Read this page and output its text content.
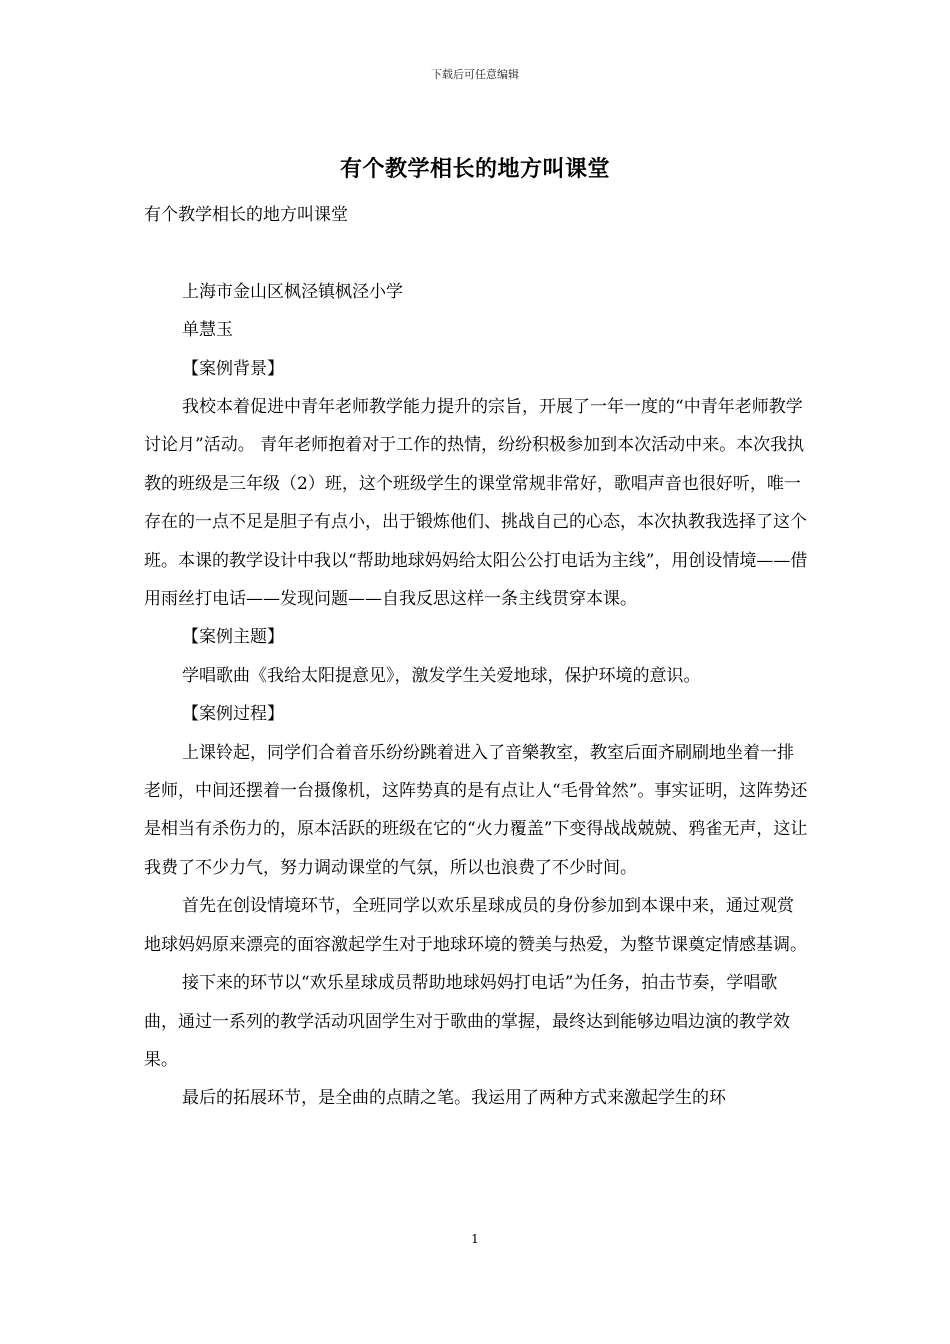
下载后可任意编辑
有个教学相长的地方叫课堂

有个教学相长的地方叫课堂

上海市金山区枫泾镇枫泾小学

单慧玉

【案例背景】

我校本着促进中青年老师教学能力提升的宗旨，开展了一年一度的“中青年老师教学讨论月”活动。 青年老师抱着对于工作的热情，纷纷积极参加到本次活动中来。本次我执教的班级是三年级（2）班，这个班级学生的课堂常规非常好，歌唱声音也很好听，唯一存在的一点不足是胆子有点小，出于锻炼他们、挑战自己的心态，本次执教我选择了这个班。本课的教学设计中我以“帮助地球妈妈给太阳公公打电话为主线”，用创设情境——借用雨丝打电话——发现问题——自我反思这样一条主线贯穿本课。

【案例主题】

学唱歌曲《我给太阳提意见》，激发学生关爱地球，保护环境的意识。

【案例过程】

上课铃起，同学们合着音乐纷纷跳着进入了音樂教室，教室后面齐刷刷地坐着一排老师，中间还摆着一台摄像机，这阵势真的是有点让人“毛骨耸然”。事实证明，这阵势还是相当有杀伤力的，原本活跃的班级在它的“火力覆盖”下变得战战兢兢、鸦雀无声，这让我费了不少力气，努力调动课堂的气氛，所以也浪费了不少时间。

首先在创设情境环节，全班同学以欢乐星球成员的身份参加到本课中来，通过观赏地球妈妈原来漂亮的面容激起学生对于地球环境的赞美与热爱，为整节课奠定情感基调。

接下来的环节以“欢乐星球成员帮助地球妈妈打电话”为任务，拍击节奏，学唱歌曲，通过一系列的教学活动巩固学生对于歌曲的掌握，最终达到能够边唱边演的教学效果。

最后的拓展环节，是全曲的点睛之笔。我运用了两种方式来激起学生的环

1
